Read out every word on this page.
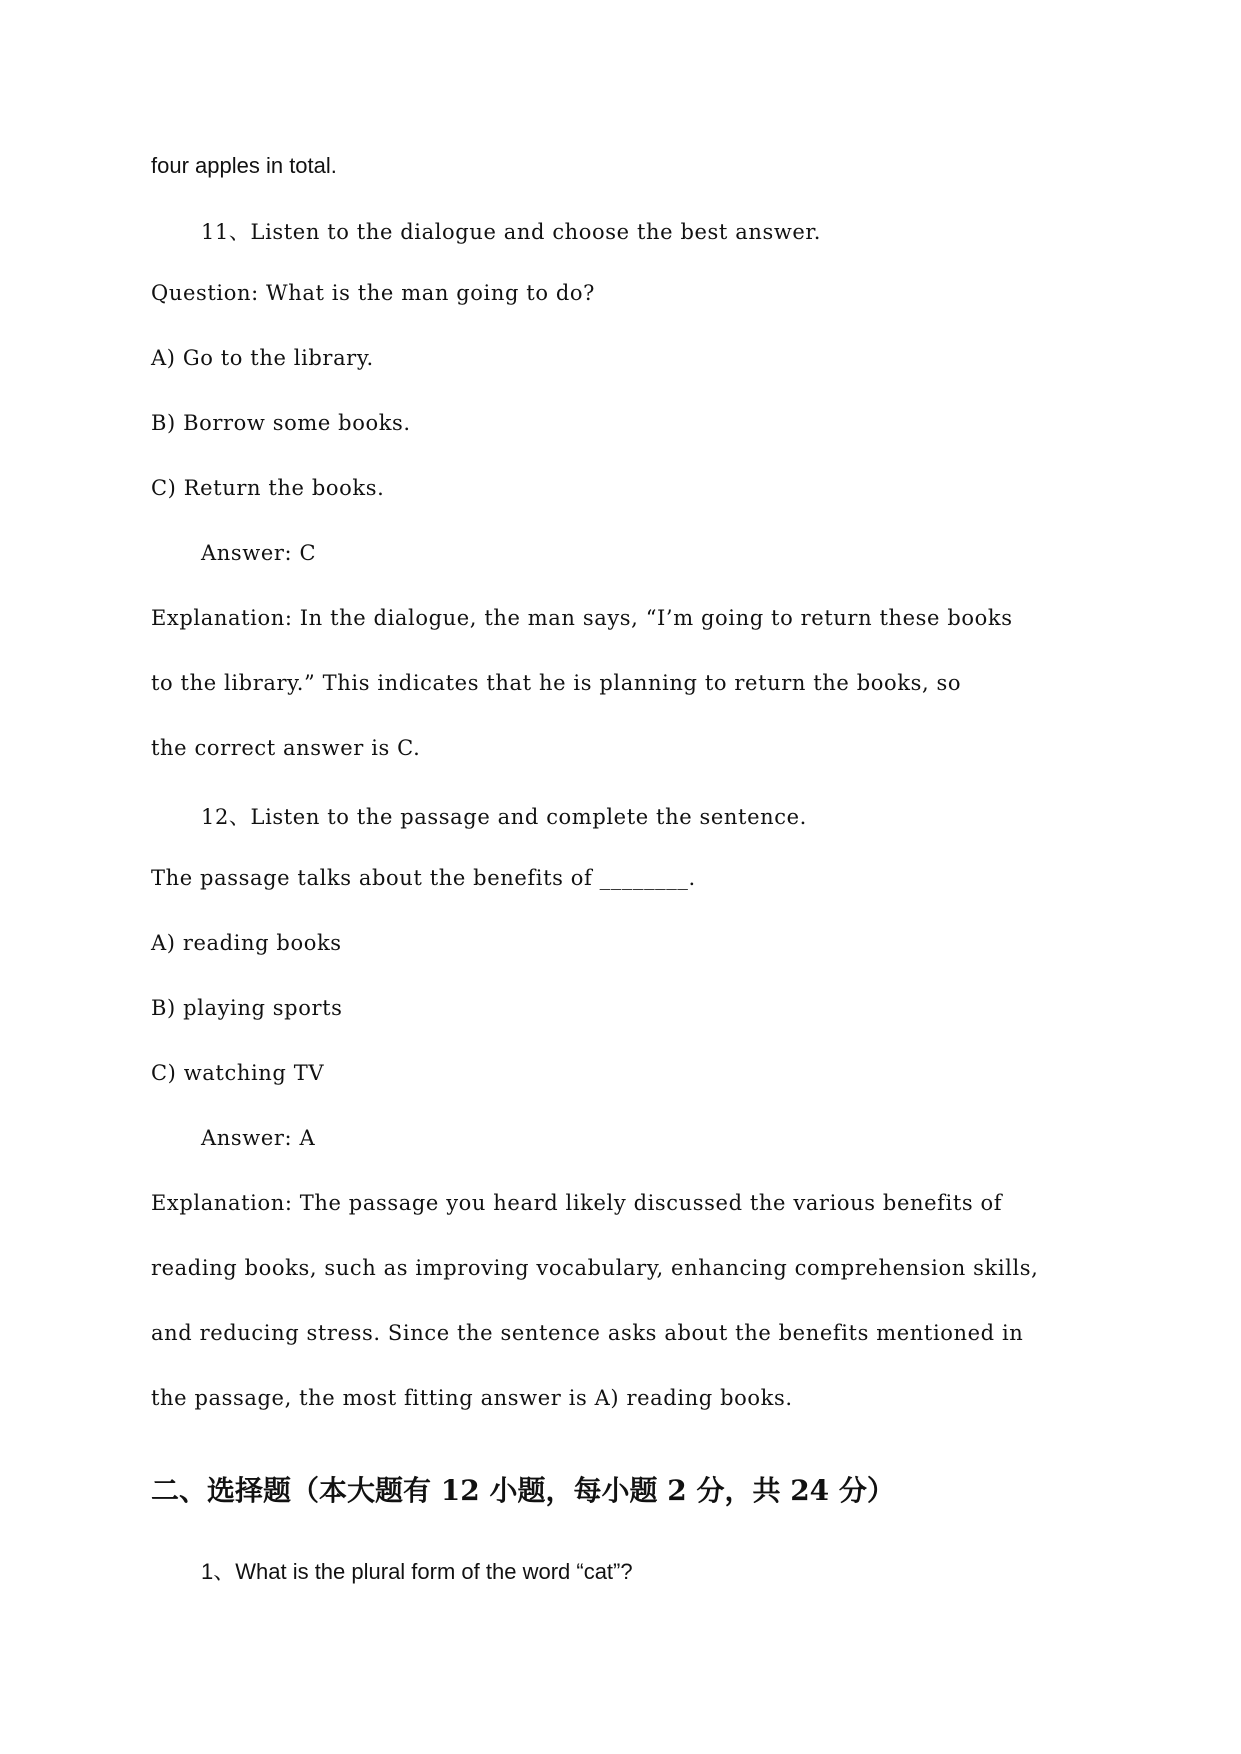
four apples in total.

11、Listen to the dialogue and choose the best answer.

Question: What is the man going to do?

A) Go to the library.

B) Borrow some books.

C) Return the books.

Answer: C

Explanation: In the dialogue, the man says, “I’m going to return these books

to the library.” This indicates that he is planning to return the books, so

the correct answer is C.

12、Listen to the passage and complete the sentence.

The passage talks about the benefits of ________.

A) reading books

B) playing sports

C) watching TV

Answer: A

Explanation: The passage you heard likely discussed the various benefits of

reading books, such as improving vocabulary, enhancing comprehension skills,

and reducing stress. Since the sentence asks about the benefits mentioned in

the passage, the most fitting answer is A) reading books.

二、选择题（本大题有 12 小题，每小题 2 分，共 24 分）

1、What is the plural form of the word “cat”?
